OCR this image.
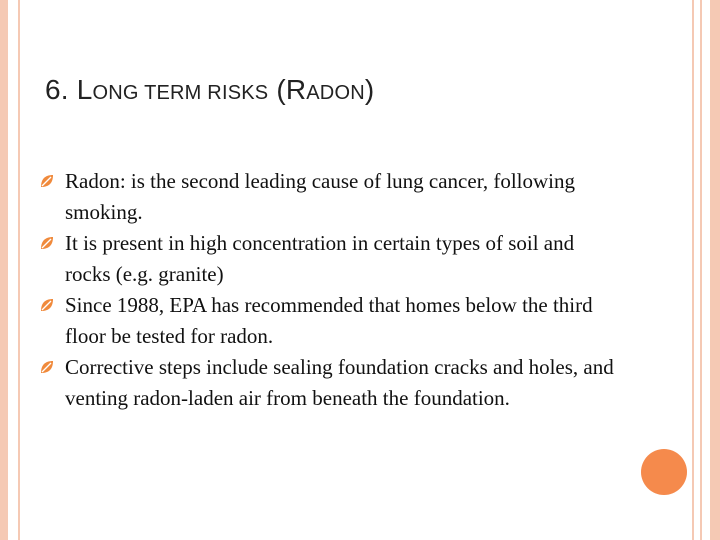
6. LONG TERM RISKS (RADON)
Radon: is the second leading cause of lung cancer, following smoking.
It is present in high concentration in certain types of soil and rocks (e.g. granite)
Since 1988, EPA has recommended that homes below the third floor be tested for radon.
Corrective steps include sealing foundation cracks and holes, and venting radon-laden air from beneath the foundation.
